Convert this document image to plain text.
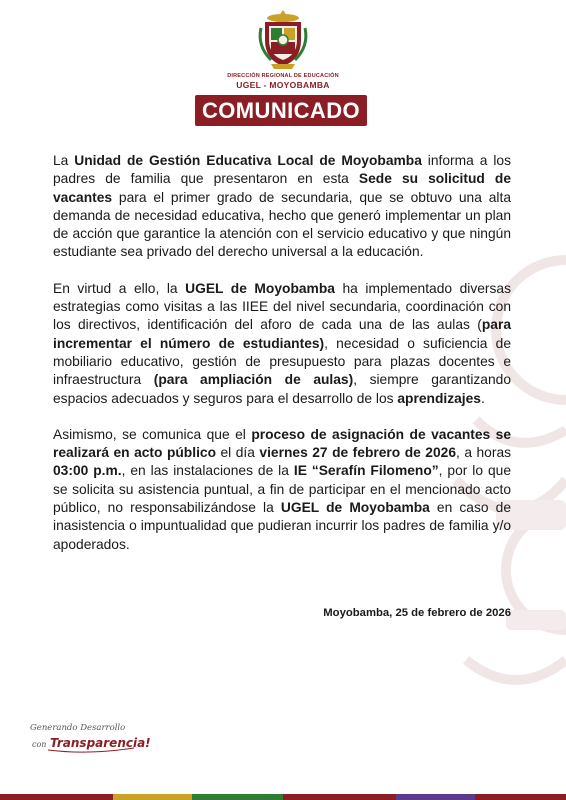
DIRECCIÓN REGIONAL DE EDUCACIÓN
UGEL - MOYOBAMBA
COMUNICADO

La Unidad de Gestión Educativa Local de Moyobamba informa a los padres de familia que presentaron en esta Sede su solicitud de vacantes para el primer grado de secundaria, que se obtuvo una alta demanda de necesidad educativa, hecho que generó implementar un plan de acción que garantice la atención con el servicio educativo y que ningún estudiante sea privado del derecho universal a la educación.

En virtud a ello, la UGEL de Moyobamba ha implementado diversas estrategias como visitas a las IIEE del nivel secundaria, coordinación con los directivos, identificación del aforo de cada una de las aulas (para incrementar el número de estudiantes), necesidad o suficiencia de mobiliario educativo, gestión de presupuesto para plazas docentes e infraestructura (para ampliación de aulas), siempre garantizando espacios adecuados y seguros para el desarrollo de los aprendizajes.

Asimismo, se comunica que el proceso de asignación de vacantes se realizará en acto público el día viernes 27 de febrero de 2026, a horas 03:00 p.m., en las instalaciones de la IE “Serafín Filomeno”, por lo que se solicita su asistencia puntual, a fin de participar en el mencionado acto público, no responsabilizándose la UGEL de Moyobamba en caso de inasistencia o impuntualidad que pudieran incurrir los padres de familia y/o apoderados.

Moyobamba, 25 de febrero de 2026
Generando Desarrollo
con Transparencia!
